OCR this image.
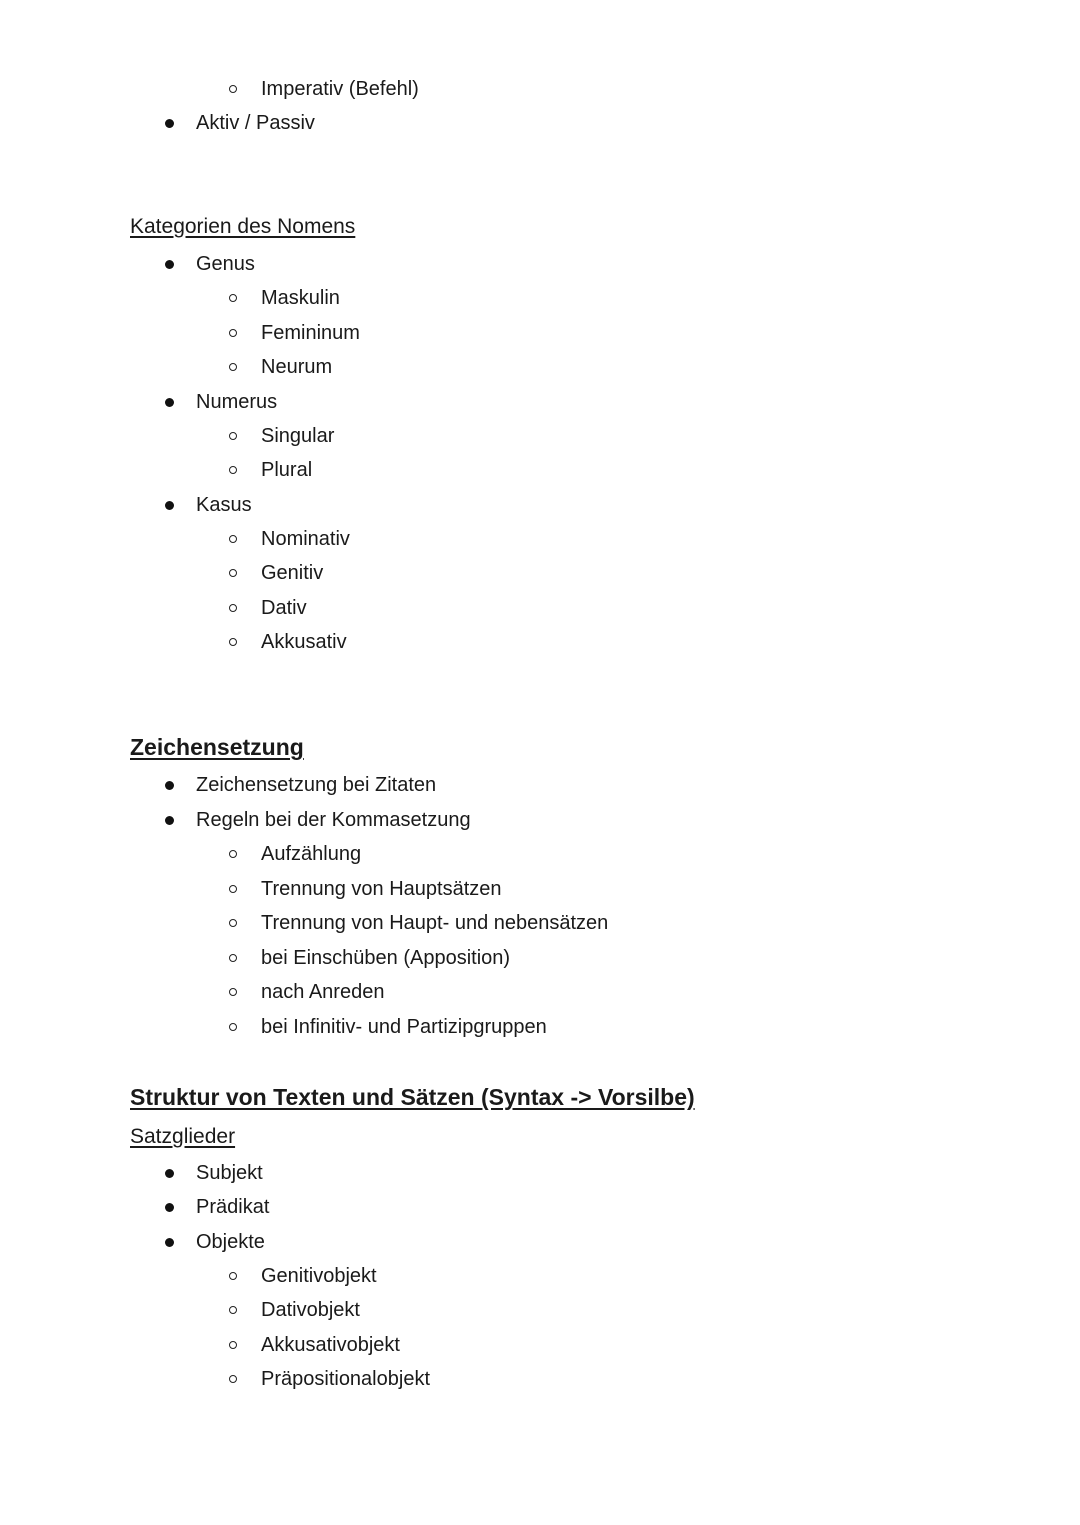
Imperativ (Befehl)
Aktiv / Passiv
Kategorien des Nomens
Genus
Maskulin
Femininum
Neurum
Numerus
Singular
Plural
Kasus
Nominativ
Genitiv
Dativ
Akkusativ
Zeichensetzung
Zeichensetzung bei Zitaten
Regeln bei der Kommasetzung
Aufzählung
Trennung von Hauptsätzen
Trennung von Haupt- und nebensätzen
bei Einschüben (Apposition)
nach Anreden
bei Infinitiv- und Partizipgruppen
Struktur von Texten und Sätzen (Syntax -> Vorsilbe)
Satzglieder
Subjekt
Prädikat
Objekte
Genitivobjekt
Dativobjekt
Akkusativobjekt
Präpositionalobjekt
